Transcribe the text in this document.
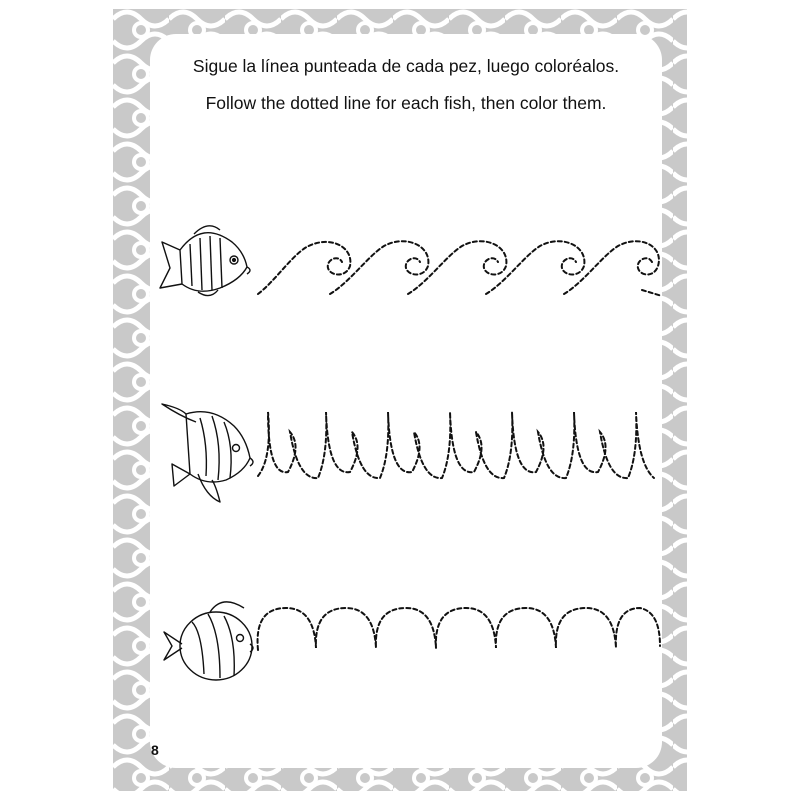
Sigue la línea punteada de cada pez, luego coloréalos.
Follow the dotted line for each fish, then color them.
8
